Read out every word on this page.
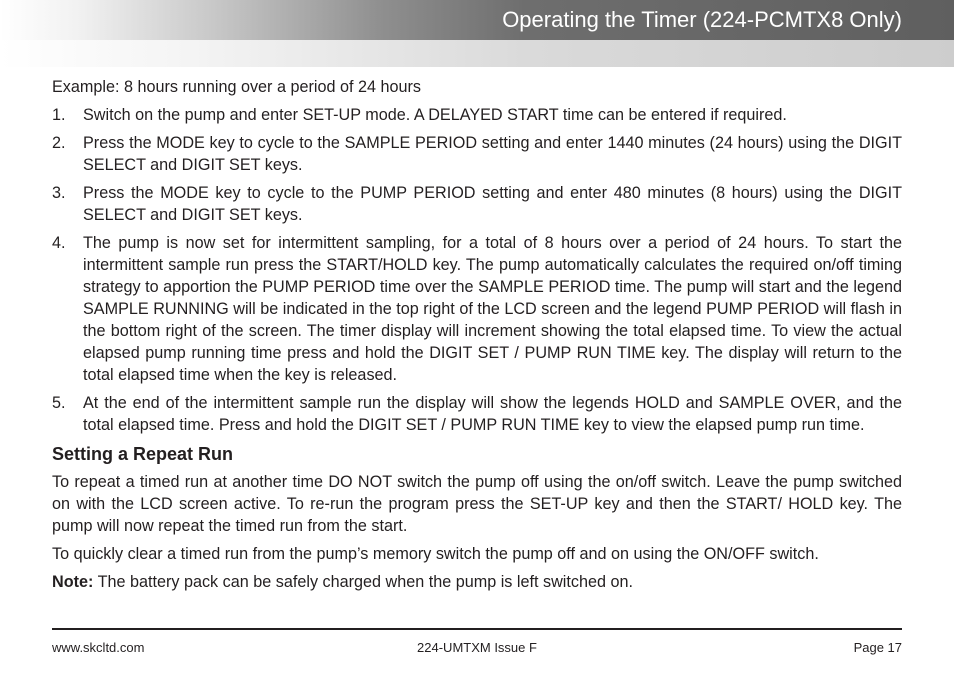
Operating the Timer (224-PCMTX8 Only)

Example: 8 hours running over a period of 24 hours

1. Switch on the pump and enter SET-UP mode. A DELAYED START time can be entered if required.
2. Press the MODE key to cycle to the SAMPLE PERIOD setting and enter 1440 minutes (24 hours) using the DIGIT SELECT and DIGIT SET keys.
3. Press the MODE key to cycle to the PUMP PERIOD setting and enter 480 minutes (8 hours) using the DIGIT SELECT and DIGIT SET keys.
4. The pump is now set for intermittent sampling, for a total of 8 hours over a period of 24 hours. To start the intermittent sample run press the START/HOLD key. The pump automatically calculates the required on/off timing strategy to apportion the PUMP PERIOD time over the SAMPLE PERIOD time. The pump will start and the legend SAMPLE RUNNING will be indicated in the top right of the LCD screen and the legend PUMP PERIOD will flash in the bottom right of the screen. The timer display will increment showing the total elapsed time. To view the actual elapsed pump running time press and hold the DIGIT SET / PUMP RUN TIME key. The display will return to the total elapsed time when the key is released.
5. At the end of the intermittent sample run the display will show the legends HOLD and SAMPLE OVER, and the total elapsed time. Press and hold the DIGIT SET / PUMP RUN TIME key to view the elapsed pump run time.
Setting a Repeat Run

To repeat a timed run at another time DO NOT switch the pump off using the on/off switch. Leave the pump switched on with the LCD screen active. To re-run the program press the SET-UP key and then the START/ HOLD key. The pump will now repeat the timed run from the start.

To quickly clear a timed run from the pump’s memory switch the pump off and on using the ON/OFF switch.

Note: The battery pack can be safely charged when the pump is left switched on.

www.skcltd.com	224-UMTXM Issue F	Page 17
